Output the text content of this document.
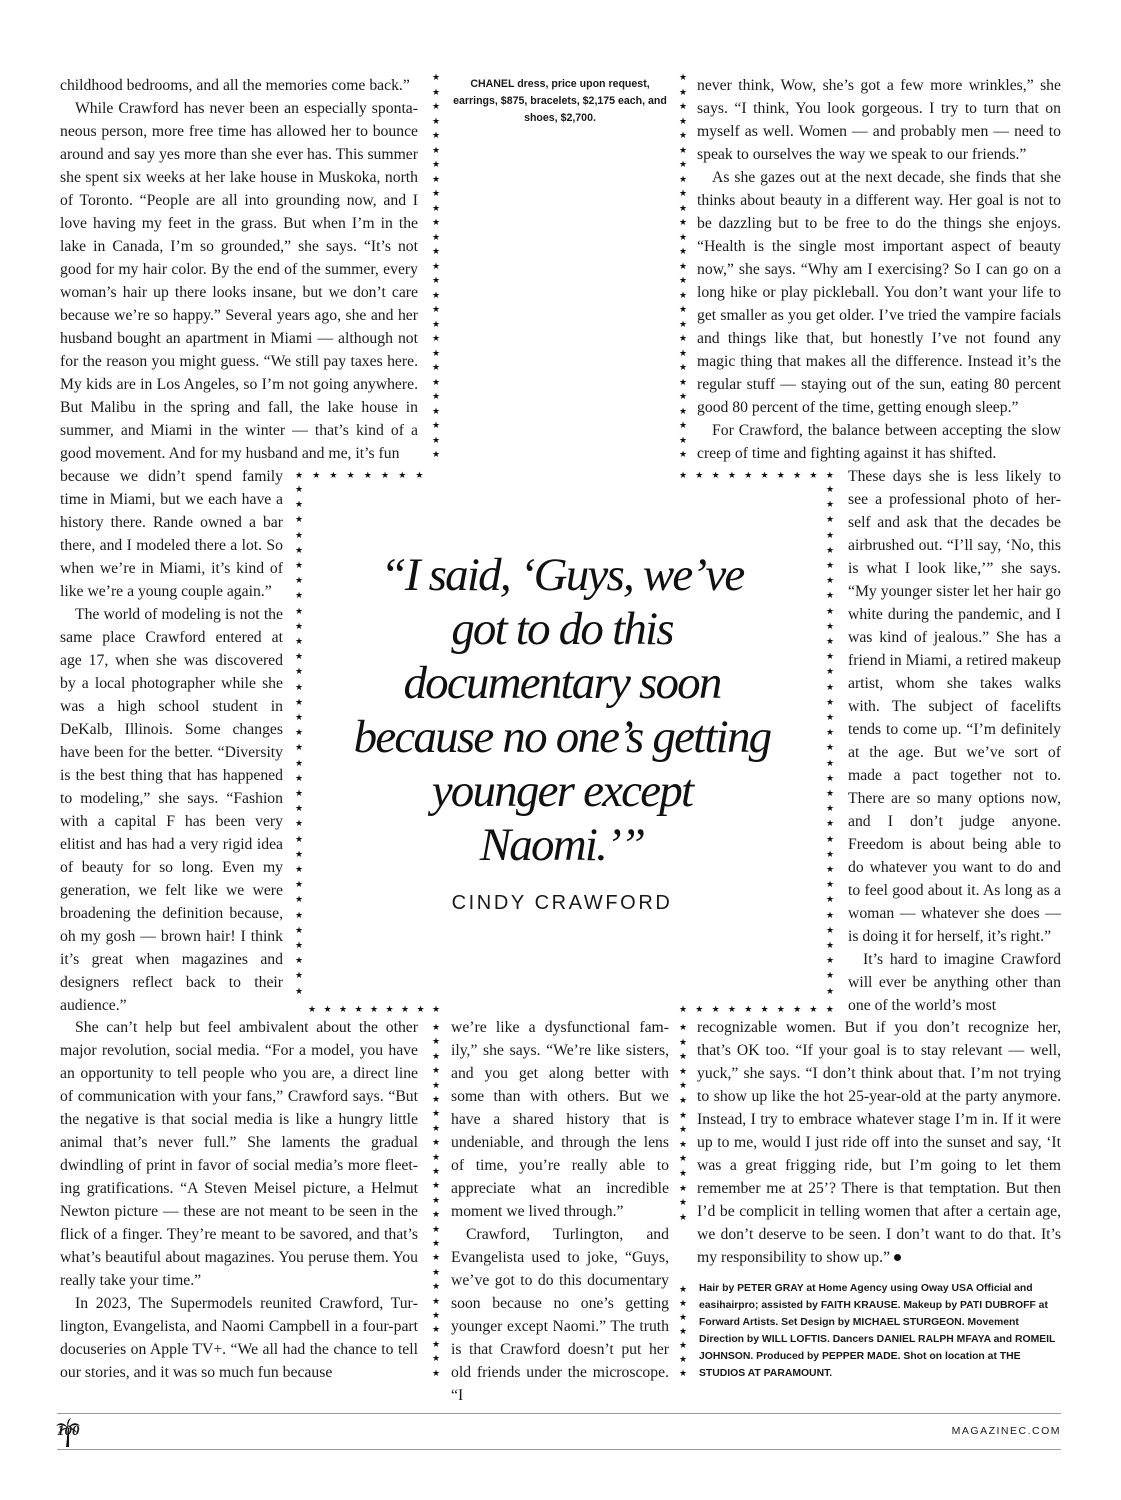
childhood bedrooms, and all the memories come back.”

While Crawford has never been an especially spontaneous person, more free time has allowed her to bounce around and say yes more than she ever has. This summer she spent six weeks at her lake house in Muskoka, north of Toronto. “People are all into grounding now, and I love having my feet in the grass. But when I’m in the lake in Canada, I’m so grounded,” she says. “It’s not good for my hair color. By the end of the summer, every woman’s hair up there looks insane, but we don’t care because we’re so happy.” Several years ago, she and her husband bought an apartment in Miami — although not for the reason you might guess. “We still pay taxes here. My kids are in Los Angeles, so I’m not going anywhere. But Malibu in the spring and fall, the lake house in summer, and Miami in the winter — that’s kind of a good movement. And for my husband and me, it’s fun

because we didn’t spend family time in Miami, but we each have a history there. Rande owned a bar there, and I modeled there a lot. So when we’re in Miami, it’s kind of like we’re a young couple again.”

The world of modeling is not the same place Crawford entered at age 17, when she was discovered by a local photographer while she was a high school student in DeKalb, Illinois. Some changes have been for the better. “Diversity is the best thing that has happened to modeling,” she says. “Fashion with a capital F has been very elitist and has had a very rigid idea of beauty for so long. Even my generation, we felt like we were broadening the definition because, oh my gosh — brown hair! I think it’s great when magazines and designers reflect back to their audience.”

She can’t help but feel ambivalent about the other major revolution, social media. “For a model, you have an opportunity to tell people who you are, a direct line of communication with your fans,” Crawford says. “But the negative is that social media is like a hungry little animal that’s never full.” She laments the gradual dwindling of print in favor of social media’s more fleeting gratifications. “A Steven Meisel picture, a Helmut Newton picture — these are not meant to be seen in the flick of a finger. They’re meant to be savored, and that’s what’s beautiful about magazines. You peruse them. You really take your time.”

In 2023, The Supermodels reunited Crawford, Turlington, Evangelista, and Naomi Campbell in a four-part docuseries on Apple TV+. “We all had the chance to tell our stories, and it was so much fun because

we’re like a dysfunctional family,” she says. “We’re like sisters, and you get along better with some than with others. But we have a shared history that is undeniable, and through the lens of time, you’re really able to appreciate what an incredible moment we lived through.”

Crawford, Turlington, and Evangelista used to joke, “Guys, we’ve got to do this documentary soon because no one’s getting younger except Naomi.” The truth is that Crawford doesn’t put her old friends under the microscope. “I

never think, Wow, she’s got a few more wrinkles,” she says. “I think, You look gorgeous. I try to turn that on myself as well. Women — and probably men — need to speak to ourselves the way we speak to our friends.”

As she gazes out at the next decade, she finds that she thinks about beauty in a different way. Her goal is not to be dazzling but to be free to do the things she enjoys. “Health is the single most important aspect of beauty now,” she says. “Why am I exercising? So I can go on a long hike or play pickleball. You don’t want your life to get smaller as you get older. I’ve tried the vampire facials and things like that, but honestly I’ve not found any magic thing that makes all the difference. Instead it’s the regular stuff — staying out of the sun, eating 80 percent good 80 percent of the time, getting enough sleep.”

For Crawford, the balance between accepting the slow creep of time and fighting against it has shifted.

These days she is less likely to see a professional photo of herself and ask that the decades be airbrushed out. “I’ll say, ‘No, this is what I look like,’” she says. “My younger sister let her hair go white during the pandemic, and I was kind of jealous.” She has a friend in Miami, a retired makeup artist, whom she takes walks with. The subject of facelifts tends to come up. “I’m definitely at the age. But we’ve sort of made a pact together not to. There are so many options now, and I don’t judge anyone. Freedom is about being able to do whatever you want to do and to feel good about it. As long as a woman — whatever she does — is doing it for herself, it’s right.”

It’s hard to imagine Crawford will ever be anything other than one of the world’s most

recognizable women. But if you don’t recognize her, that’s OK too. “If your goal is to stay relevant — well, yuck,” she says. “I don’t think about that. I’m not trying to show up like the hot 25-year-old at the party anymore. Instead, I try to embrace whatever stage I’m in. If it were up to me, would I just ride off into the sunset and say, ‘It was a great frigging ride, but I’m going to let them remember me at 25’? There is that temptation. But then I’d be complicit in telling women that after a certain age, we don’t deserve to be seen. I don’t want to do that. It’s my responsibility to show up.”

CHANEL dress, price upon request, earrings, $875, bracelets, $2,175 each, and shoes, $2,700.
Hair by PETER GRAY at Home Agency using Oway USA Official and easihairpro; assisted by FAITH KRAUSE. Makeup by PATI DUBROFF at Forward Artists. Set Design by MICHAEL STURGEON. Movement Direction by WILL LOFTIS. Dancers DANIEL RALPH MFAYA and ROMEIL JOHNSON. Produced by PEPPER MADE. Shot on location at THE STUDIOS AT PARAMOUNT.
“I said, ‘Guys, we’ve got to do this documentary soon because no one’s getting younger except Naomi.’”
CINDY CRAWFORD
★
★
★
★
★
★
★
★
★
★
★
★
★
★
★
★
★
★
★
★
★
★
★
★
★
★
★
★
★
★
★
★
★
★
★
★
★
★
★
★
★
★
★
★
★
★
★
★
★
★
★
★
★
★
★ ★ ★ ★ ★ ★ ★ ★	★ ★ ★ ★ ★ ★ ★ ★ ★ ★
★
★
★
★
★
★
★
★
★
★
★
★
★
★
★
★
★
★
★
★
★
★
★
★
★
★
★
★
★
★
★
★
★
★
★
★
★
★
★
★
★
★
★
★
★
★
★
★
★
★
★
★
★
★
★
★
★
★
★
★
★
★
★
★
★
★
★
★
★ ★ ★ ★ ★ ★ ★ ★ ★	★ ★ ★ ★ ★ ★ ★ ★ ★ ★
★
★
★
★
★
★
★
★
★
★
★
★
★
★
★
★
★
★
★
★
★
★
★
★
★
★
★
★
★
★
★
★
★
★
★
★
★
★
★
★
★
★
★
★
★
★
100	MAGAZINEC.COM
